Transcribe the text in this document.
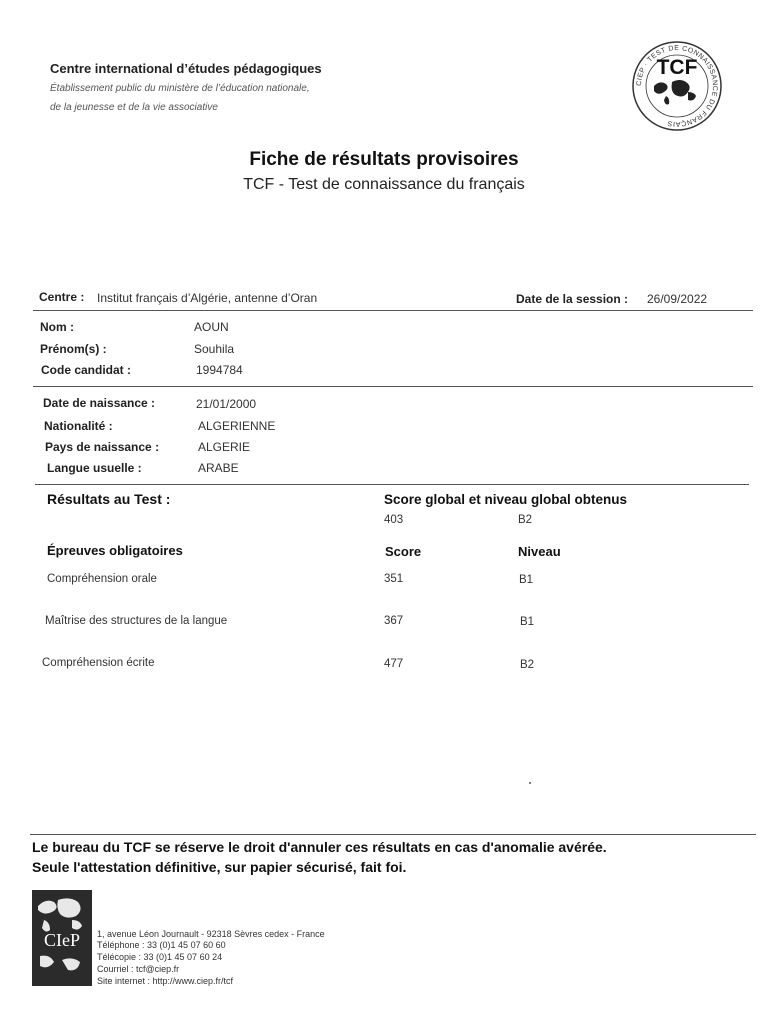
Centre international d’études pédagogiques
Établissement public du ministère de l’éducation nationale,
de la jeunesse et de la vie associative
CIEP · TEST DE CONNAISSANCE DU FRANÇAIS
TCF
Fiche de résultats provisoires
TCF - Test de connaissance du français
Centre : Institut français d’Algérie, antenne d’Oran	Date de la session : 26/09/2022
Nom :	AOUN
Prénom(s) :	Souhila
Code candidat :	1994784
Date de naissance :	21/01/2000
Nationalité :	ALGERIENNE
Pays de naissance :	ALGERIE
Langue usuelle :	ARABE
Résultats au Test :	Score global et niveau global obtenus
403	B2
Épreuves obligatoires	Score	Niveau
Compréhension orale	351	B1
Maîtrise des structures de la langue	367	B1
Compréhension écrite	477	B2
Le bureau du TCF se réserve le droit d'annuler ces résultats en cas d'anomalie avérée.
Seule l'attestation définitive, sur papier sécurisé, fait foi.
CIeP 1, avenue Léon Journault - 92318 Sèvres cedex - France
Téléphone : 33 (0)1 45 07 60 60
Télécopie : 33 (0)1 45 07 60 24
Courriel : tcf@ciep.fr
Site internet : http://www.ciep.fr/tcf
